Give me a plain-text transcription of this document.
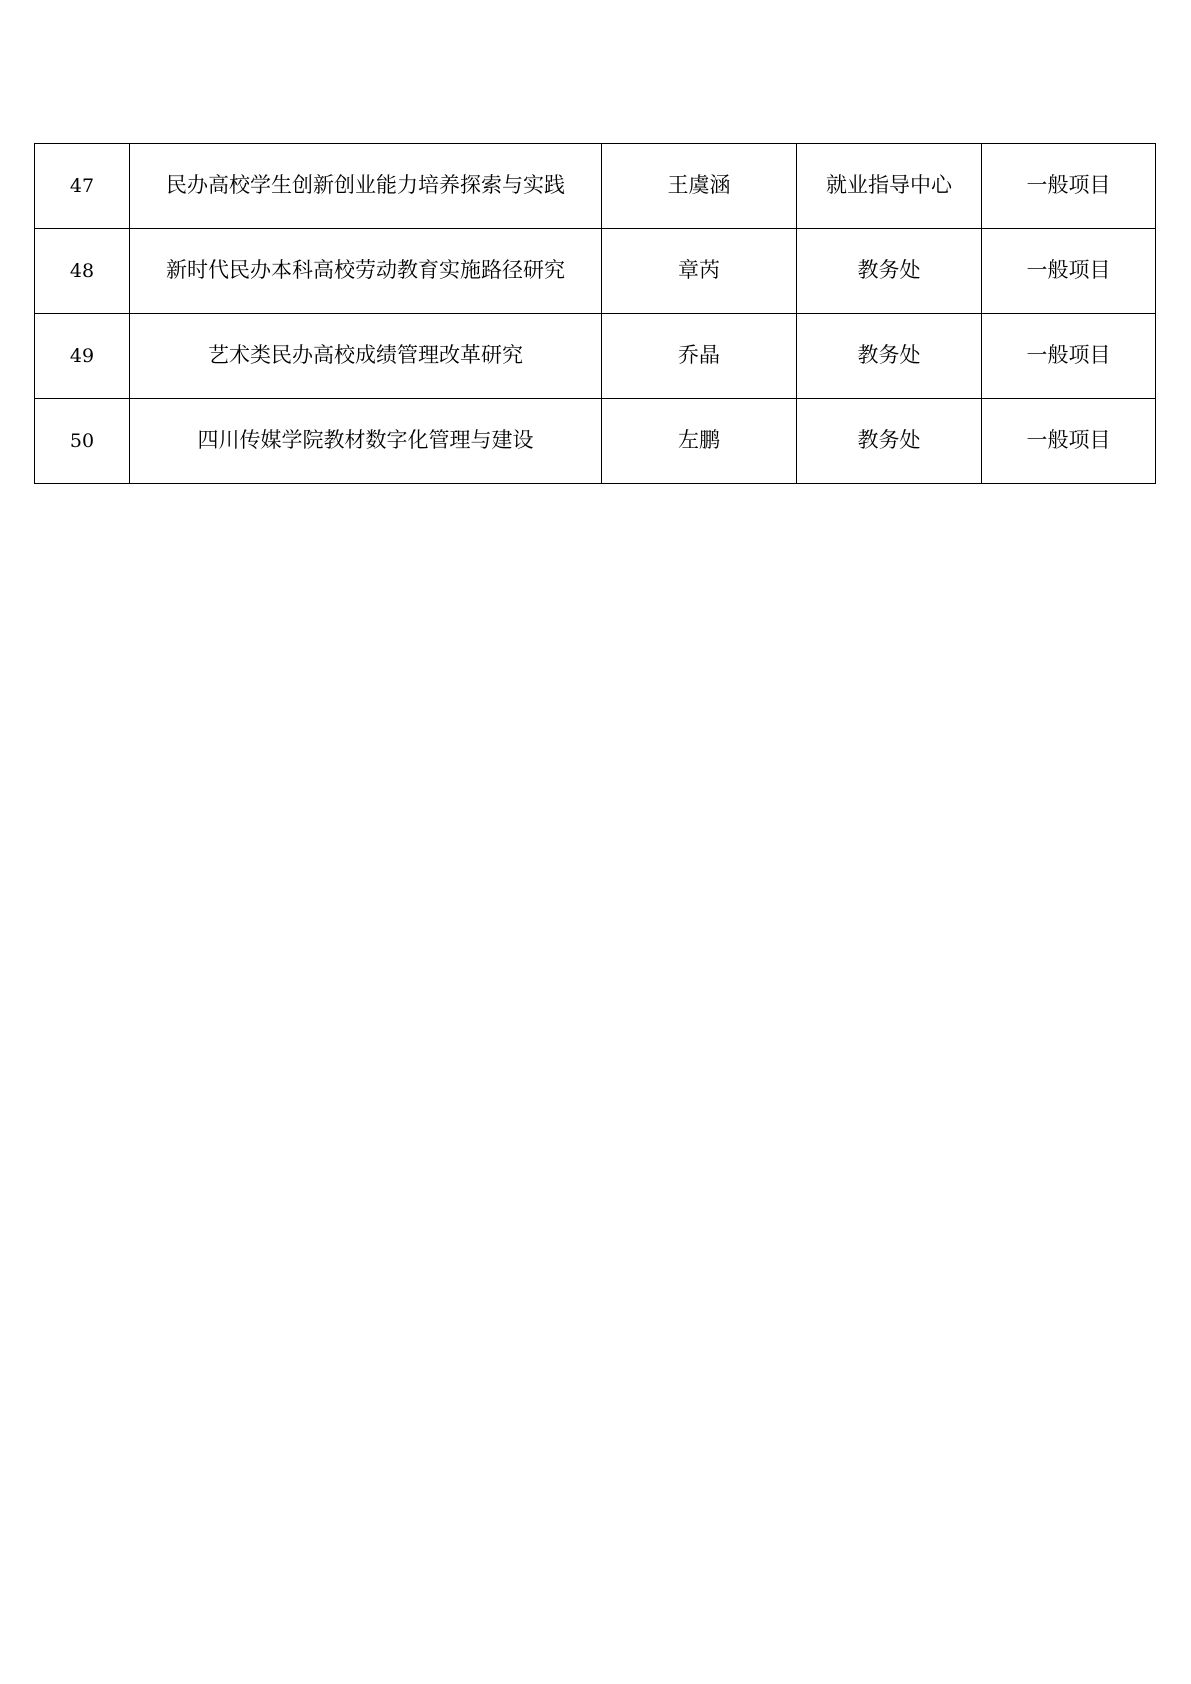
47	民办高校学生创新创业能力培养探索与实践	王虞涵	就业指导中心	一般项目
48	新时代民办本科高校劳动教育实施路径研究	章芮	教务处	一般项目
49	艺术类民办高校成绩管理改革研究	乔晶	教务处	一般项目
50	四川传媒学院教材数字化管理与建设	左鹏	教务处	一般项目
